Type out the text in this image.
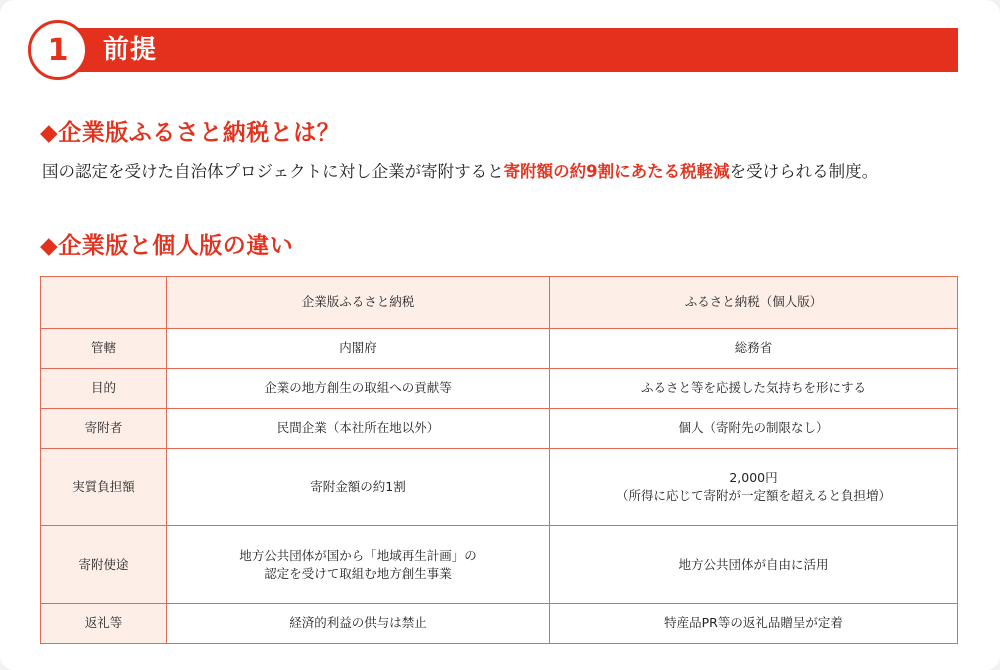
1 前提
◆企業版ふるさと納税とは？
国の認定を受けた自治体プロジェクトに対し企業が寄附すると寄附額の約9割にあたる税軽減を受けられる制度。
◆企業版と個人版の違い
	企業版ふるさと納税	ふるさと納税（個人版）
管轄	内閣府	総務省

目的	企業の地方創生の取組への貢献等	ふるさと等を応援した気持ちを形にする

寄附者	民間企業（本社所在地以外）	個人（寄附先の制限なし）

実質負担額	寄附金額の約1割	2,000円
（所得に応じて寄附が一定額を超えると負担増）

寄附使途	地方公共団体が国から「地域再生計画」の
認定を受けて取組む地方創生事業	地方公共団体が自由に活用

返礼等	経済的利益の供与は禁止	特産品PR等の返礼品贈呈が定着
